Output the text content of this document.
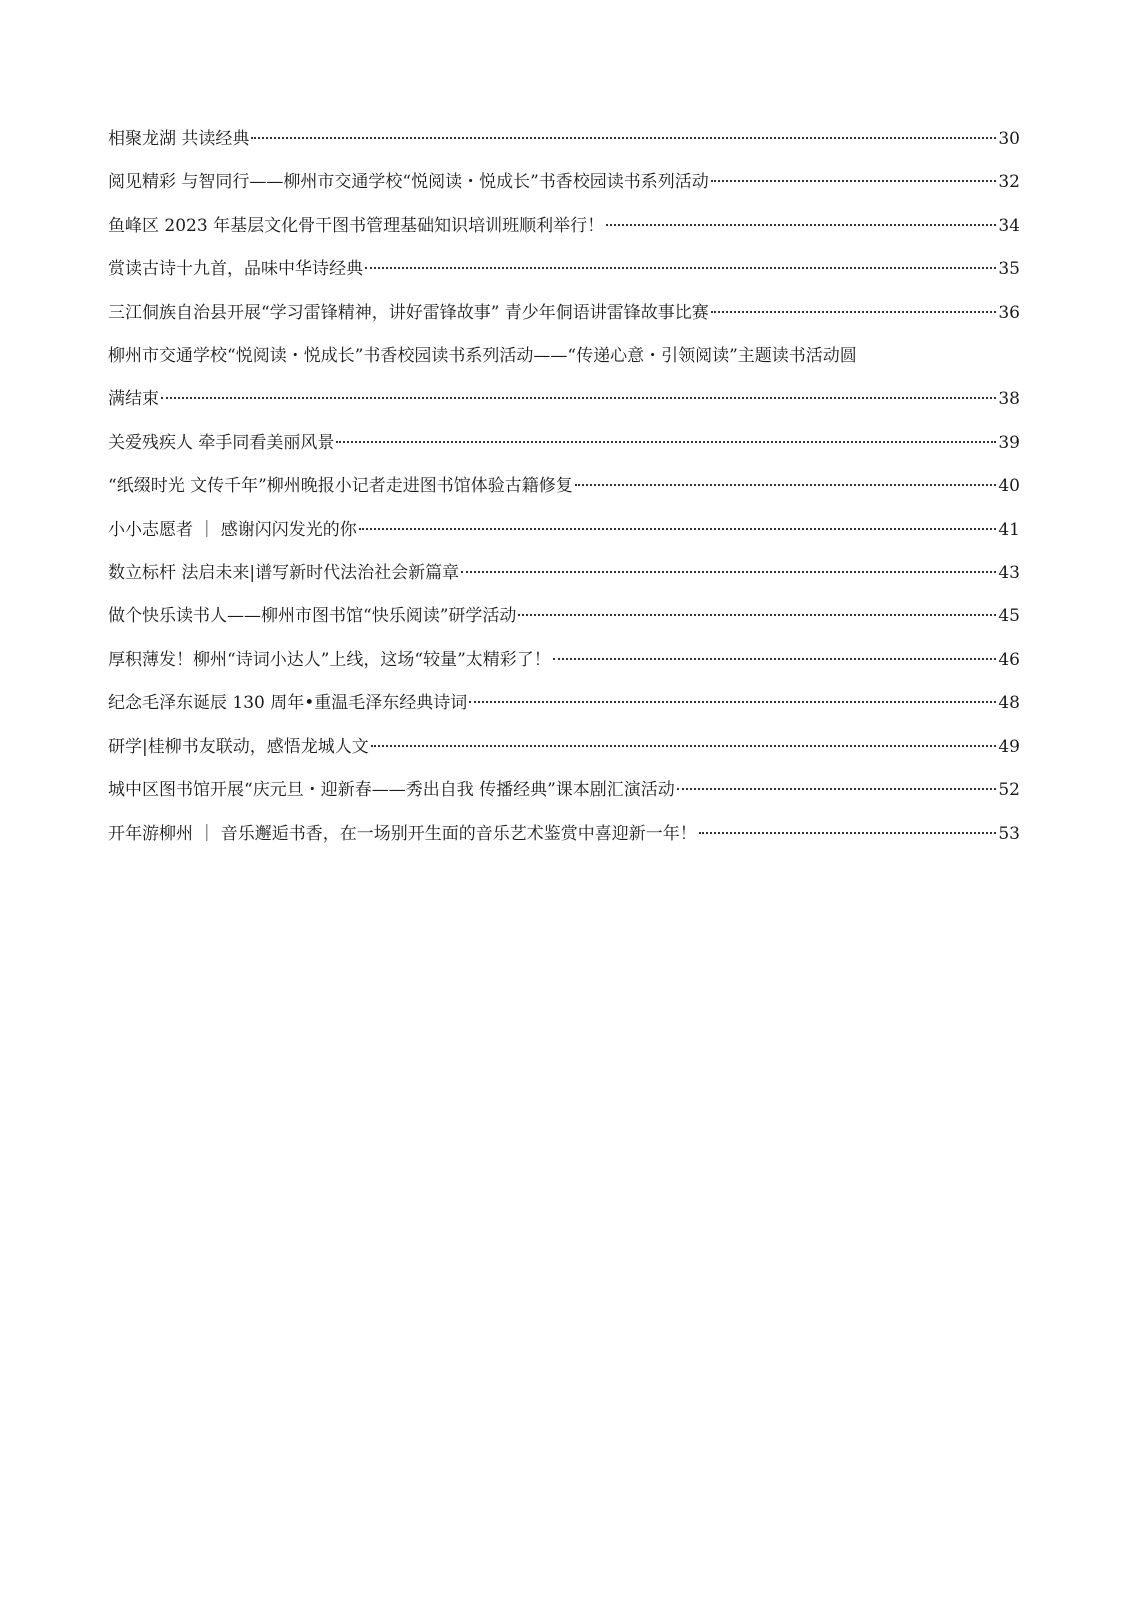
相聚龙湖 共读经典	30
阅见精彩 与智同行——柳州市交通学校“悦阅读・悦成长”书香校园读书系列活动	32
鱼峰区 2023 年基层文化骨干图书管理基础知识培训班顺利举行！	34
赏读古诗十九首，品味中华诗经典	35
三江侗族自治县开展“学习雷锋精神，讲好雷锋故事” 青少年侗语讲雷锋故事比赛	36
柳州市交通学校“悦阅读・悦成长”书香校园读书系列活动——“传递心意・引领阅读”主题读书活动圆
满结束	38
关爱残疾人 牵手同看美丽风景	39
“纸缀时光 文传千年”柳州晚报小记者走进图书馆体验古籍修复	40
小小志愿者 ｜ 感谢闪闪发光的你	41
数立标杆 法启未来|谱写新时代法治社会新篇章	43
做个快乐读书人——柳州市图书馆“快乐阅读”研学活动	45
厚积薄发！柳州“诗词小达人”上线，这场“较量”太精彩了！	46
纪念毛泽东诞辰 130 周年•重温毛泽东经典诗词	48
研学|桂柳书友联动，感悟龙城人文	49
城中区图书馆开展“庆元旦・迎新春——秀出自我 传播经典”课本剧汇演活动	52
开年游柳州 ｜ 音乐邂逅书香，在一场别开生面的音乐艺术鉴赏中喜迎新一年！	53
